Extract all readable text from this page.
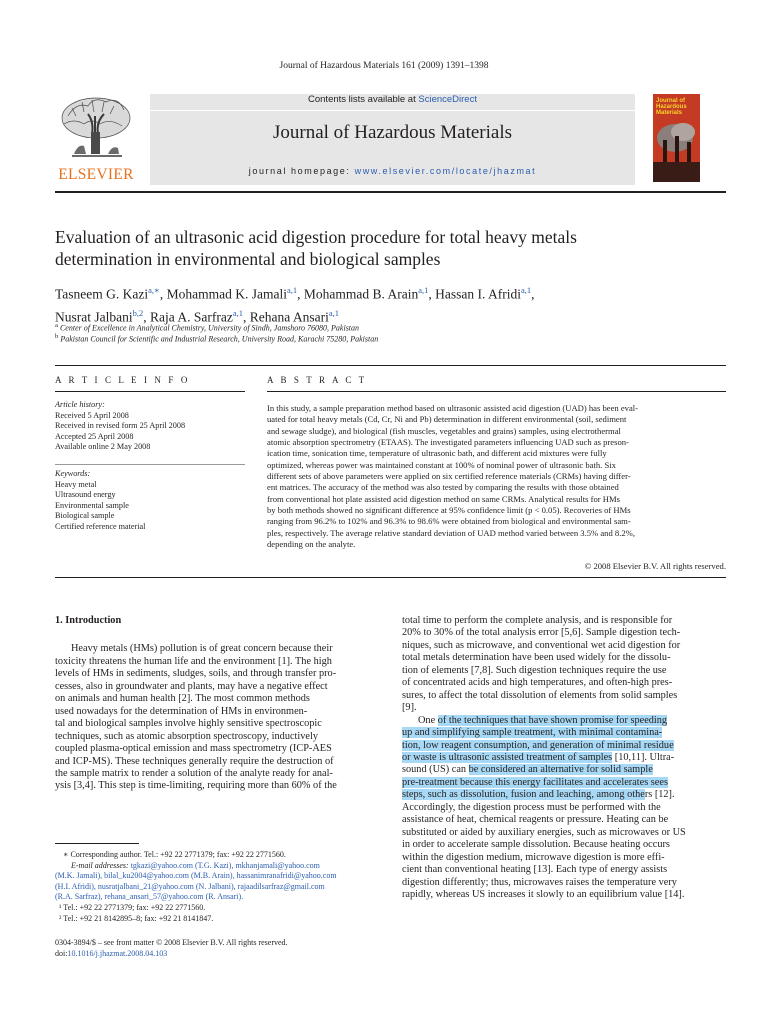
Journal of Hazardous Materials 161 (2009) 1391–1398
ELSEVIER
Contents lists available at ScienceDirect
Journal of Hazardous Materials
journal homepage: www.elsevier.com/locate/jhazmat
Journal of Hazardous Materials
Evaluation of an ultrasonic acid digestion procedure for total heavy metals
determination in environmental and biological samples
Tasneem G. Kazi$^{a,∗}$, Mohammad K. Jamali$^{a,1}$, Mohammad B. Arain$^{a,1}$, Hassan I. Afridi$^{a,1}$,
Nusrat Jalbani$^{b,2}$, Raja A. Sarfraz$^{a,1}$, Rehana Ansari$^{a,1}$
$^a$ Center of Excellence in Analytical Chemistry, University of Sindh, Jamshoro 76080, Pakistan
$^b$ Pakistan Council for Scientific and Industrial Research, University Road, Karachi 75280, Pakistan
A R T I C L E I N F O	A B S T R A C T
Article history:
Received 5 April 2008
Received in revised form 25 April 2008
Accepted 25 April 2008
Available online 2 May 2008
Keywords:
Heavy metal
Ultrasound energy
Environmental sample
Biological sample
Certified reference material
In this study, a sample preparation method based on ultrasonic assisted acid digestion (UAD) has been eval-
uated for total heavy metals (Cd, Cr, Ni and Pb) determination in different environmental (soil, sediment
and sewage sludge), and biological (fish muscles, vegetables and grains) samples, using electrothermal
atomic absorption spectrometry (ETAAS). The investigated parameters influencing UAD such as preson-
ication time, sonication time, temperature of ultrasonic bath, and different acid mixtures were fully
optimized, whereas power was maintained constant at 100% of nominal power of ultrasonic bath. Six
different sets of above parameters were applied on six certified reference materials (CRMs) having differ-
ent matrices. The accuracy of the method was also tested by comparing the results with those obtained
from conventional hot plate assisted acid digestion method on same CRMs. Analytical results for HMs
by both methods showed no significant difference at 95% confidence limit (p < 0.05). Recoveries of HMs
ranging from 96.2% to 102% and 96.3% to 98.6% were obtained from biological and environmental sam-
ples, respectively. The average relative standard deviation of UAD method varied between 3.5% and 8.2%,
depending on the analyte.
© 2008 Elsevier B.V. All rights reserved.
1. Introduction
Heavy metals (HMs) pollution is of great concern because their
toxicity threatens the human life and the environment [1]. The high
levels of HMs in sediments, sludges, soils, and through transfer pro-
cesses, also in groundwater and plants, may have a negative effect
on animals and human health [2]. The most common methods
used nowadays for the determination of HMs in environmen-
tal and biological samples involve highly sensitive spectroscopic
techniques, such as atomic absorption spectroscopy, inductively
coupled plasma-optical emission and mass spectrometry (ICP-AES
and ICP-MS). These techniques generally require the destruction of
the sample matrix to render a solution of the analyte ready for anal-
ysis [3,4]. This step is time-limiting, requiring more than 60% of the
total time to perform the complete analysis, and is responsible for
20% to 30% of the total analysis error [5,6]. Sample digestion tech-
niques, such as microwave, and conventional wet acid digestion for
total metals determination have been used widely for the dissolu-
tion of elements [7,8]. Such digestion techniques require the use
of concentrated acids and high temperatures, and often-high pres-
sures, to affect the total dissolution of elements from solid samples
[9].
One of the techniques that have shown promise for speeding
up and simplifying sample treatment, with minimal contamina-
tion, low reagent consumption, and generation of minimal residue
or waste is ultrasonic assisted treatment of samples [10,11]. Ultra-
sound (US) can be considered an alternative for solid sample
pre-treatment because this energy facilitates and accelerates sees
steps, such as dissolution, fusion and leaching, among others [12].
Accordingly, the digestion process must be performed with the
assistance of heat, chemical reagents or pressure. Heating can be
substituted or aided by auxiliary energies, such as microwaves or US
in order to accelerate sample dissolution. Because heating occurs
within the digestion medium, microwave digestion is more effi-
cient than conventional heating [13]. Each type of energy assists
digestion differently; thus, microwaves raises the temperature very
rapidly, whereas US increases it slowly to an equilibrium value [14].
∗ Corresponding author. Tel.: +92 22 2771379; fax: +92 22 2771560.
E-mail addresses: tgkazi@yahoo.com (T.G. Kazi), mkhanjamali@yahoo.com
(M.K. Jamali), bilal_ku2004@yahoo.com (M.B. Arain), hassanimranafridi@yahoo.com
(H.I. Afridi), nusratjalbani_21@yahoo.com (N. Jalbani), rajaadilsarfraz@gmail.com
(R.A. Sarfraz), rehana_ansari_57@yahoo.com (R. Ansari).
¹ Tel.: +92 22 2771379; fax: +92 22 2771560.
² Tel.: +92 21 8142895–8; fax: +92 21 8141847.
0304-3894/$ – see front matter © 2008 Elsevier B.V. All rights reserved.
doi:10.1016/j.jhazmat.2008.04.103
